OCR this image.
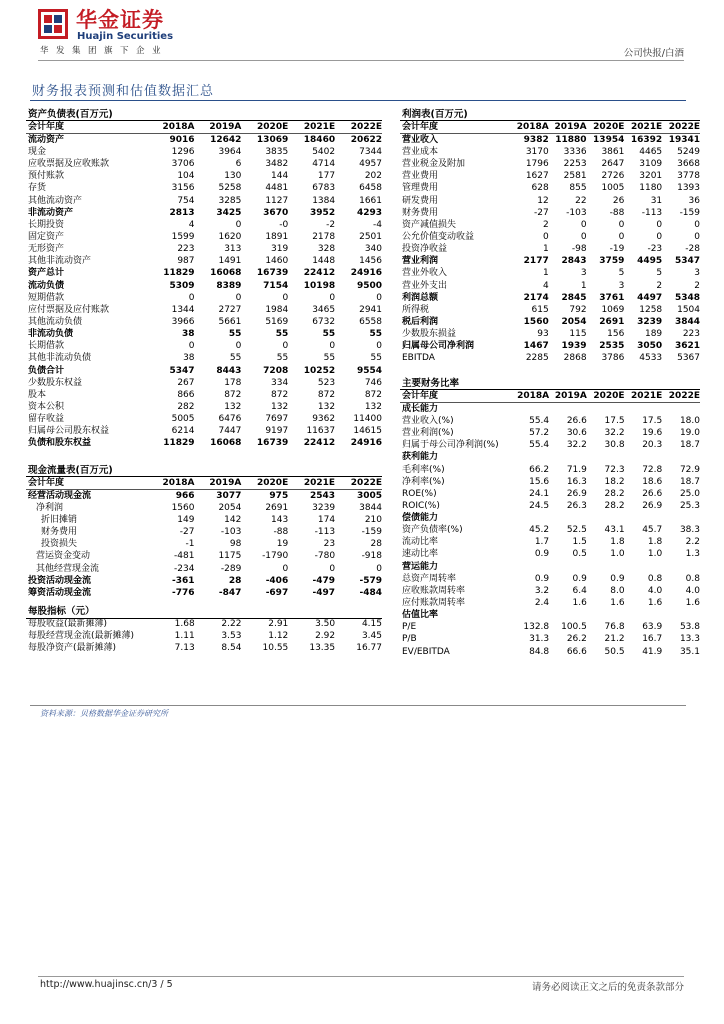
华金证券
Huajin Securities
华发集团旗下企业	公司快报/白酒
财务报表预测和估值数据汇总
资产负债表(百万元)					
会计年度	2018A	2019A	2020E	2021E	2022E
流动资产	9016	12642	13069	18460	20622
现金	1296	3964	3835	5402	7344
应收票据及应收账款	3706	6	3482	4714	4957
预付账款	104	130	144	177	202
存货	3156	5258	4481	6783	6458
其他流动资产	754	3285	1127	1384	1661
非流动资产	2813	3425	3670	3952	4293
长期投资	4	0	-0	-2	-4
固定资产	1599	1620	1891	2178	2501
无形资产	223	313	319	328	340
其他非流动资产	987	1491	1460	1448	1456
资产总计	11829	16068	16739	22412	24916
流动负债	5309	8389	7154	10198	9500
短期借款	0	0	0	0	0
应付票据及应付账款	1344	2727	1984	3465	2941
其他流动负债	3966	5661	5169	6732	6558
非流动负债	38	55	55	55	55
长期借款	0	0	0	0	0
其他非流动负债	38	55	55	55	55
负债合计	5347	8443	7208	10252	9554
少数股东权益	267	178	334	523	746
股本	866	872	872	872	872
资本公积	282	132	132	132	132
留存收益	5005	6476	7697	9362	11400
归属母公司股东权益	6214	7447	9197	11637	14615
负债和股东权益	11829	16068	16739	22412	24916
现金流量表(百万元)					
会计年度	2018A	2019A	2020E	2021E	2022E
经营活动现金流	966	3077	975	2543	3005
净利润	1560	2054	2691	3239	3844
折旧摊销	149	142	143	174	210
财务费用	-27	-103	-88	-113	-159
投资损失	-1	98	19	23	28
营运资金变动	-481	1175	-1790	-780	-918
其他经营现金流	-234	-289	0	0	0
投资活动现金流	-361	28	-406	-479	-579
筹资活动现金流	-776	-847	-697	-497	-484
每股指标（元）					
每股收益(最新摊薄)	1.68	2.22	2.91	3.50	4.15
每股经营现金流(最新摊薄)	1.11	3.53	1.12	2.92	3.45
每股净资产(最新摊薄)	7.13	8.54	10.55	13.35	16.77
利润表(百万元)					
会计年度	2018A	2019A	2020E	2021E	2022E
营业收入	9382	11880	13954	16392	19341
营业成本	3170	3336	3861	4465	5249
营业税金及附加	1796	2253	2647	3109	3668
营业费用	1627	2581	2726	3201	3778
管理费用	628	855	1005	1180	1393
研发费用	12	22	26	31	36
财务费用	-27	-103	-88	-113	-159
资产减值损失	2	0	0	0	0
公允价值变动收益	0	0	0	0	0
投资净收益	1	-98	-19	-23	-28
营业利润	2177	2843	3759	4495	5347
营业外收入	1	3	5	5	3
营业外支出	4	1	3	2	2
利润总额	2174	2845	3761	4497	5348
所得税	615	792	1069	1258	1504
税后利润	1560	2054	2691	3239	3844
少数股东损益	93	115	156	189	223
归属母公司净利润	1467	1939	2535	3050	3621
EBITDA	2285	2868	3786	4533	5367
主要财务比率					
会计年度	2018A	2019A	2020E	2021E	2022E
成长能力					
营业收入(%)	55.4	26.6	17.5	17.5	18.0
营业利润(%)	57.2	30.6	32.2	19.6	19.0
归属于母公司净利润(%)	55.4	32.2	30.8	20.3	18.7
获利能力					
毛利率(%)	66.2	71.9	72.3	72.8	72.9
净利率(%)	15.6	16.3	18.2	18.6	18.7
ROE(%)	24.1	26.9	28.2	26.6	25.0
ROIC(%)	24.5	26.3	28.2	26.9	25.3
偿债能力					
资产负债率(%)	45.2	52.5	43.1	45.7	38.3
流动比率	1.7	1.5	1.8	1.8	2.2
速动比率	0.9	0.5	1.0	1.0	1.3
营运能力					
总资产周转率	0.9	0.9	0.9	0.8	0.8
应收账款周转率	3.2	6.4	8.0	4.0	4.0
应付账款周转率	2.4	1.6	1.6	1.6	1.6
估值比率					
P/E	132.8	100.5	76.8	63.9	53.8
P/B	31.3	26.2	21.2	16.7	13.3
EV/EBITDA	84.8	66.6	50.5	41.9	35.1
资料来源：贝格数据华金证券研究所
http://www.huajinsc.cn/3 / 5	请务必阅读正文之后的免责条款部分
